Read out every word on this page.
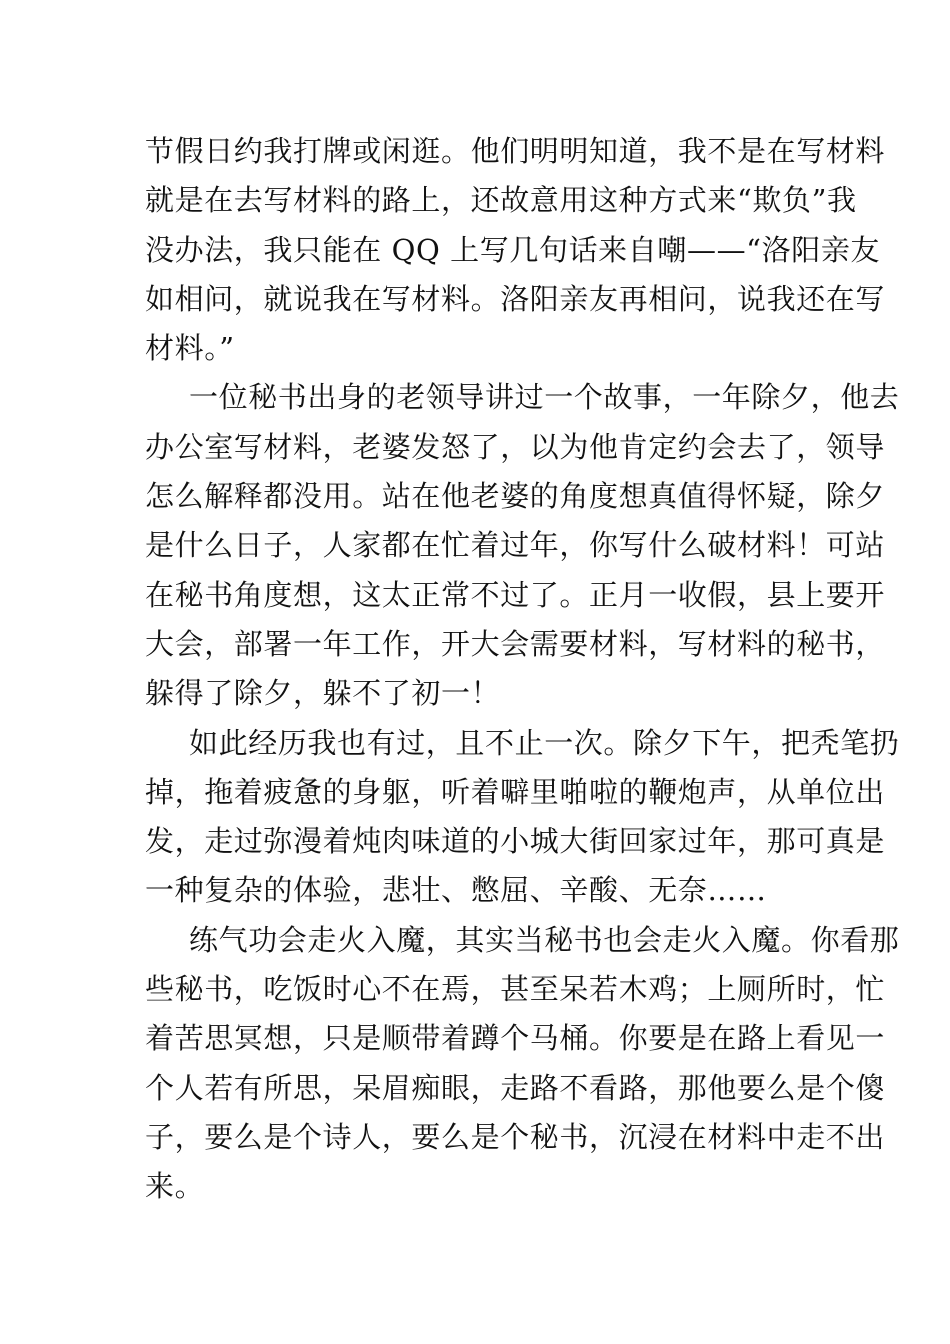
节假日约我打牌或闲逛。他们明明知道，我不是在写材料
就是在去写材料的路上，还故意用这种方式来“欺负”我
没办法，我只能在 QQ 上写几句话来自嘲——“洛阳亲友
如相问，就说我在写材料。洛阳亲友再相问，说我还在写
材料。”
一位秘书出身的老领导讲过一个故事，一年除夕，他去
办公室写材料，老婆发怒了，以为他肯定约会去了，领导
怎么解释都没用。站在他老婆的角度想真值得怀疑，除夕
是什么日子，人家都在忙着过年，你写什么破材料！可站
在秘书角度想，这太正常不过了。正月一收假，县上要开
大会，部署一年工作，开大会需要材料，写材料的秘书，
躲得了除夕，躲不了初一！
如此经历我也有过，且不止一次。除夕下午，把秃笔扔
掉，拖着疲惫的身躯，听着噼里啪啦的鞭炮声，从单位出
发，走过弥漫着炖肉味道的小城大街回家过年，那可真是
一种复杂的体验，悲壮、憋屈、辛酸、无奈……
练气功会走火入魔，其实当秘书也会走火入魔。你看那
些秘书，吃饭时心不在焉，甚至呆若木鸡；上厕所时，忙
着苦思冥想，只是顺带着蹲个马桶。你要是在路上看见一
个人若有所思，呆眉痴眼，走路不看路，那他要么是个傻
子，要么是个诗人，要么是个秘书，沉浸在材料中走不出
来。
